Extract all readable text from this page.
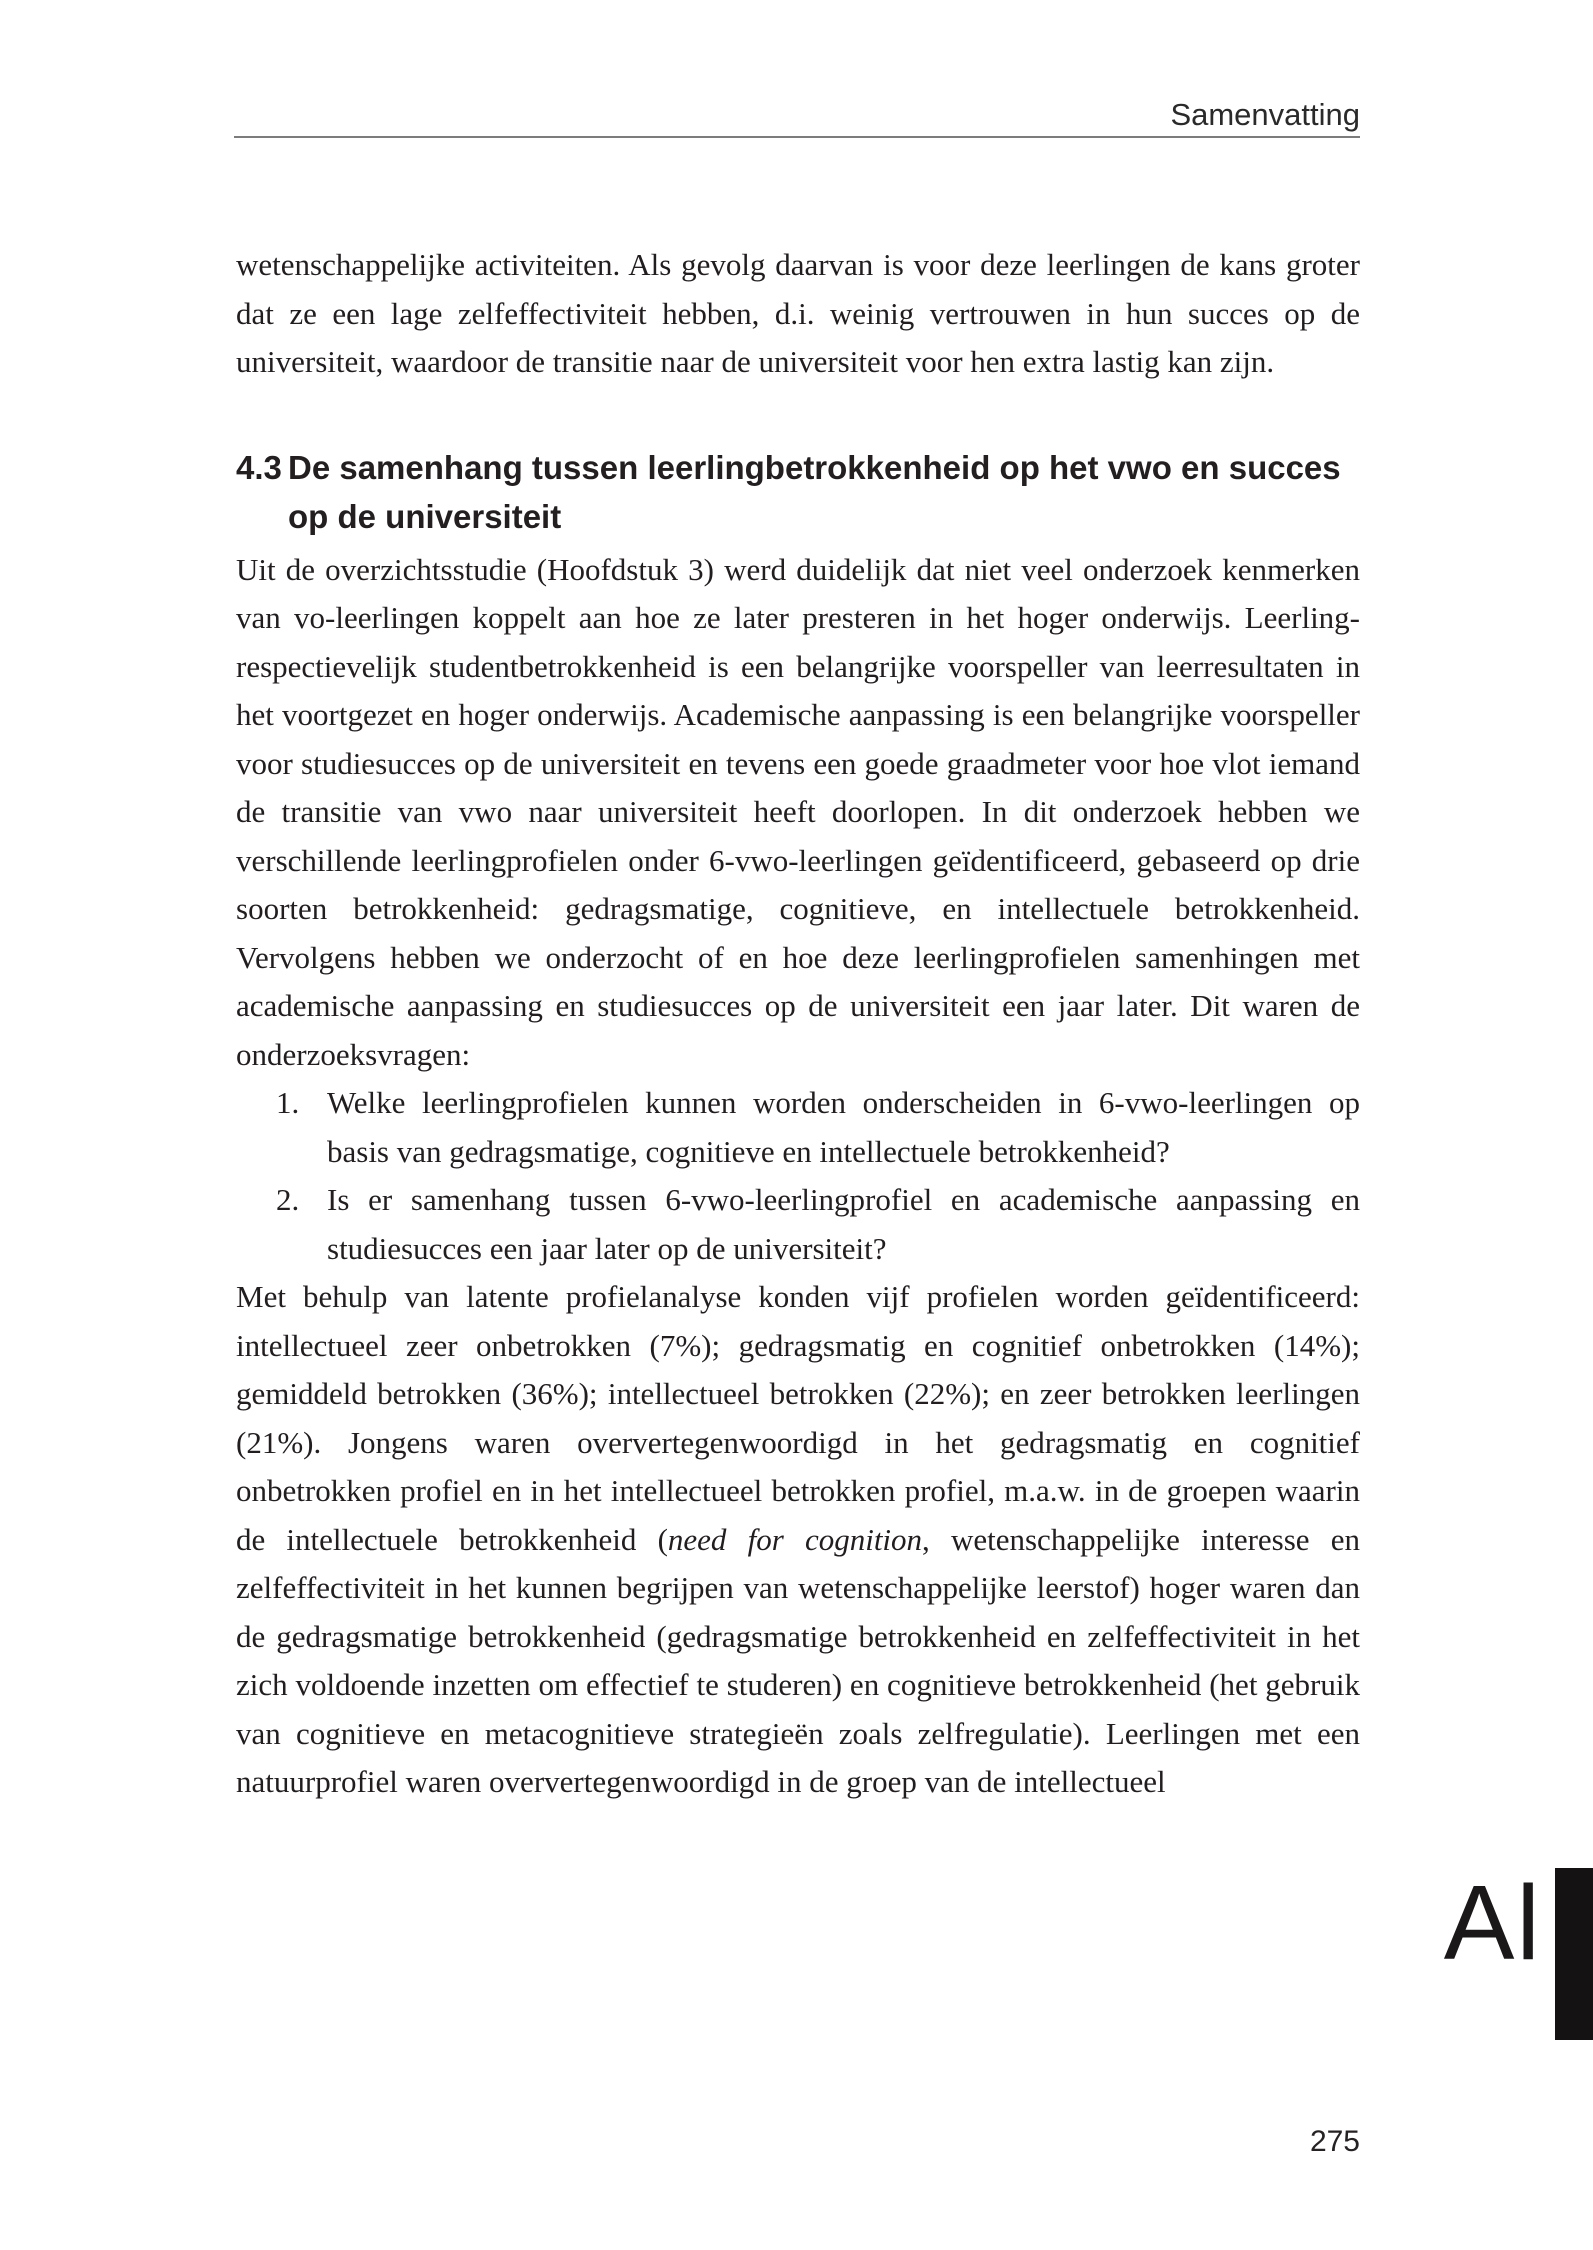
Samenvatting

wetenschappelijke activiteiten. Als gevolg daarvan is voor deze leerlingen de kans groter dat ze een lage zelfeffectiviteit hebben, d.i. weinig vertrouwen in hun succes op de universiteit, waardoor de transitie naar de universiteit voor hen extra lastig kan zijn.

4.3 De samenhang tussen leerlingbetrokkenheid op het vwo en succes op de universiteit

Uit de overzichtsstudie (Hoofdstuk 3) werd duidelijk dat niet veel onderzoek kenmerken van vo-leerlingen koppelt aan hoe ze later presteren in het hoger onderwijs. Leerling- respectievelijk studentbetrokkenheid is een belangrijke voorspeller van leerresultaten in het voortgezet en hoger onderwijs. Academische aanpassing is een belangrijke voorspeller voor studiesucces op de universiteit en tevens een goede graadmeter voor hoe vlot iemand de transitie van vwo naar universiteit heeft doorlopen. In dit onderzoek hebben we verschillende leerlingprofielen onder 6-vwo-leerlingen geïdentificeerd, gebaseerd op drie soorten betrokkenheid: gedragsmatige, cognitieve, en intellectuele betrokkenheid. Vervolgens hebben we onderzocht of en hoe deze leerlingprofielen samenhingen met academische aanpassing en studiesucces op de universiteit een jaar later. Dit waren de onderzoeksvragen:

1. Welke leerlingprofielen kunnen worden onderscheiden in 6-vwo-leerlingen op basis van gedragsmatige, cognitieve en intellectuele betrokkenheid?
2. Is er samenhang tussen 6-vwo-leerlingprofiel en academische aanpassing en studiesucces een jaar later op de universiteit?

Met behulp van latente profielanalyse konden vijf profielen worden geïdentificeerd: intellectueel zeer onbetrokken (7%); gedragsmatig en cognitief onbetrokken (14%); gemiddeld betrokken (36%); intellectueel betrokken (22%); en zeer betrokken leerlingen (21%). Jongens waren oververtegenwoordigd in het gedragsmatig en cognitief onbetrokken profiel en in het intellectueel betrokken profiel, m.a.w. in de groepen waarin de intellectuele betrokkenheid (need for cognition, wetenschappelijke interesse en zelfeffectiviteit in het kunnen begrijpen van wetenschappelijke leerstof) hoger waren dan de gedragsmatige betrokkenheid (gedragsmatige betrokkenheid en zelfeffectiviteit in het zich voldoende inzetten om effectief te studeren) en cognitieve betrokkenheid (het gebruik van cognitieve en metacognitieve strategieën zoals zelfregulatie). Leerlingen met een natuurprofiel waren oververtegenwoordigd in de groep van de intellectueel

Al
275
